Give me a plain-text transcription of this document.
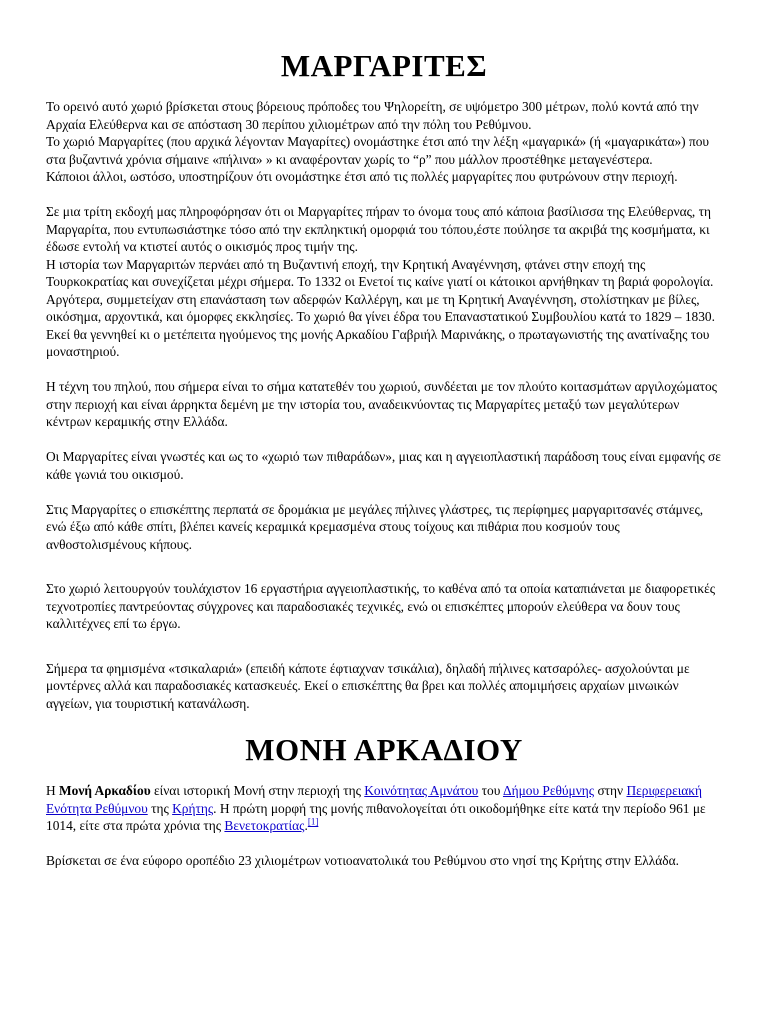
ΜΑΡΓΑΡΙΤΕΣ

Το ορεινό αυτό χωριό βρίσκεται στους βόρειους πρόποδες του Ψηλορείτη, σε υψόμετρο 300 μέτρων, πολύ κοντά από την Αρχαία Ελεύθερνα και σε απόσταση 30 περίπου χιλιομέτρων από την πόλη του Ρεθύμνου.
Το χωριό Μαργαρίτες (που αρχικά λέγονταν Μαγαρίτες) ονομάστηκε έτσι από την λέξη «μαγαρικά» (ή «μαγαρικάτα») που στα βυζαντινά χρόνια σήμαινε «πήλινα» » κι αναφέρονταν χωρίς το “ρ” που μάλλον προστέθηκε μεταγενέστερα.
Κάποιοι άλλοι, ωστόσο, υποστηρίζουν ότι ονομάστηκε έτσι από τις πολλές μαργαρίτες που φυτρώνουν στην περιοχή.

Σε μια τρίτη εκδοχή μας πληροφόρησαν ότι οι Μαργαρίτες πήραν το όνομα τους από κάποια βασίλισσα της Ελεύθερνας, τη Μαργαρίτα, που εντυπωσιάστηκε τόσο από την εκπληκτική ομορφιά του τόπου,έστε πούλησε τα ακριβά της κοσμήματα, κι έδωσε εντολή να κτιστεί αυτός ο οικισμός προς τιμήν της.
Η ιστορία των Μαργαριτών περνάει από τη Βυζαντινή εποχή, την Κρητική Αναγέννηση, φτάνει στην εποχή της Τουρκοκρατίας και συνεχίζεται μέχρι σήμερα. Το 1332 οι Ενετοί τις καίνε γιατί οι κάτοικοι αρνήθηκαν τη βαριά φορολογία. Αργότερα, συμμετείχαν στη επανάσταση των αδερφών Καλλέργη, και με τη Κρητική Αναγέννηση, στολίστηκαν με βίλες, οικόσημα, αρχοντικά, και όμορφες εκκλησίες. Το χωριό θα γίνει έδρα του Επαναστατικού Συμβουλίου κατά το 1829 – 1830. Εκεί θα γεννηθεί κι ο μετέπειτα ηγούμενος της μονής Αρκαδίου Γαβριήλ Μαρινάκης, ο πρωταγωνιστής της ανατίναξης του μοναστηριού.

Η τέχνη του πηλού, που σήμερα είναι το σήμα κατατεθέν του χωριού, συνδέεται με τον πλούτο κοιτασμάτων αργιλοχώματος στην περιοχή και είναι άρρηκτα δεμένη με την ιστορία του, αναδεικνύοντας τις Μαργαρίτες μεταξύ των μεγαλύτερων κέντρων κεραμικής στην Ελλάδα.

Οι Μαργαρίτες είναι γνωστές και ως το «χωριό των πιθαράδων», μιας και η αγγειοπλαστική παράδοση τους είναι εμφανής σε κάθε γωνιά του οικισμού.

Στις Μαργαρίτες ο επισκέπτης περπατά σε δρομάκια με μεγάλες πήλινες γλάστρες, τις περίφημες μαργαριτσανές στάμνες, ενώ έξω από κάθε σπίτι, βλέπει κανείς κεραμικά κρεμασμένα στους τοίχους και πιθάρια που κοσμούν τους ανθοστολισμένους κήπους.

Στο χωριό λειτουργούν τουλάχιστον 16 εργαστήρια αγγειοπλαστικής, το καθένα από τα οποία καταπιάνεται με διαφορετικές τεχνοτροπίες παντρεύοντας σύγχρονες και παραδοσιακές τεχνικές, ενώ οι επισκέπτες μπορούν ελεύθερα να δουν τους καλλιτέχνες επί τω έργω.

Σήμερα τα φημισμένα «τσικαλαριά» (επειδή κάποτε έφτιαχναν τσικάλια), δηλαδή πήλινες κατσαρόλες- ασχολούνται με μοντέρνες αλλά και παραδοσιακές κατασκευές. Εκεί ο επισκέπτης θα βρει και πολλές απομιμήσεις αρχαίων μινωικών αγγείων, για τουριστική κατανάλωση.

ΜΟΝΗ ΑΡΚΑΔΙΟΥ

Η Μονή Αρκαδίου είναι ιστορική Μονή στην περιοχή της Κοινότητας Αμνάτου του Δήμου Ρεθύμνης στην Περιφερειακή Ενότητα Ρεθύμνου της Κρήτης. Η πρώτη μορφή της μονής πιθανολογείται ότι οικοδομήθηκε είτε κατά την περίοδο 961 με 1014, είτε στα πρώτα χρόνια της Βενετοκρατίας.[1]

Βρίσκεται σε ένα εύφορο οροπέδιο 23 χιλιομέτρων νοτιοανατολικά του Ρεθύμνου στο νησί της Κρήτης στην Ελλάδα.
